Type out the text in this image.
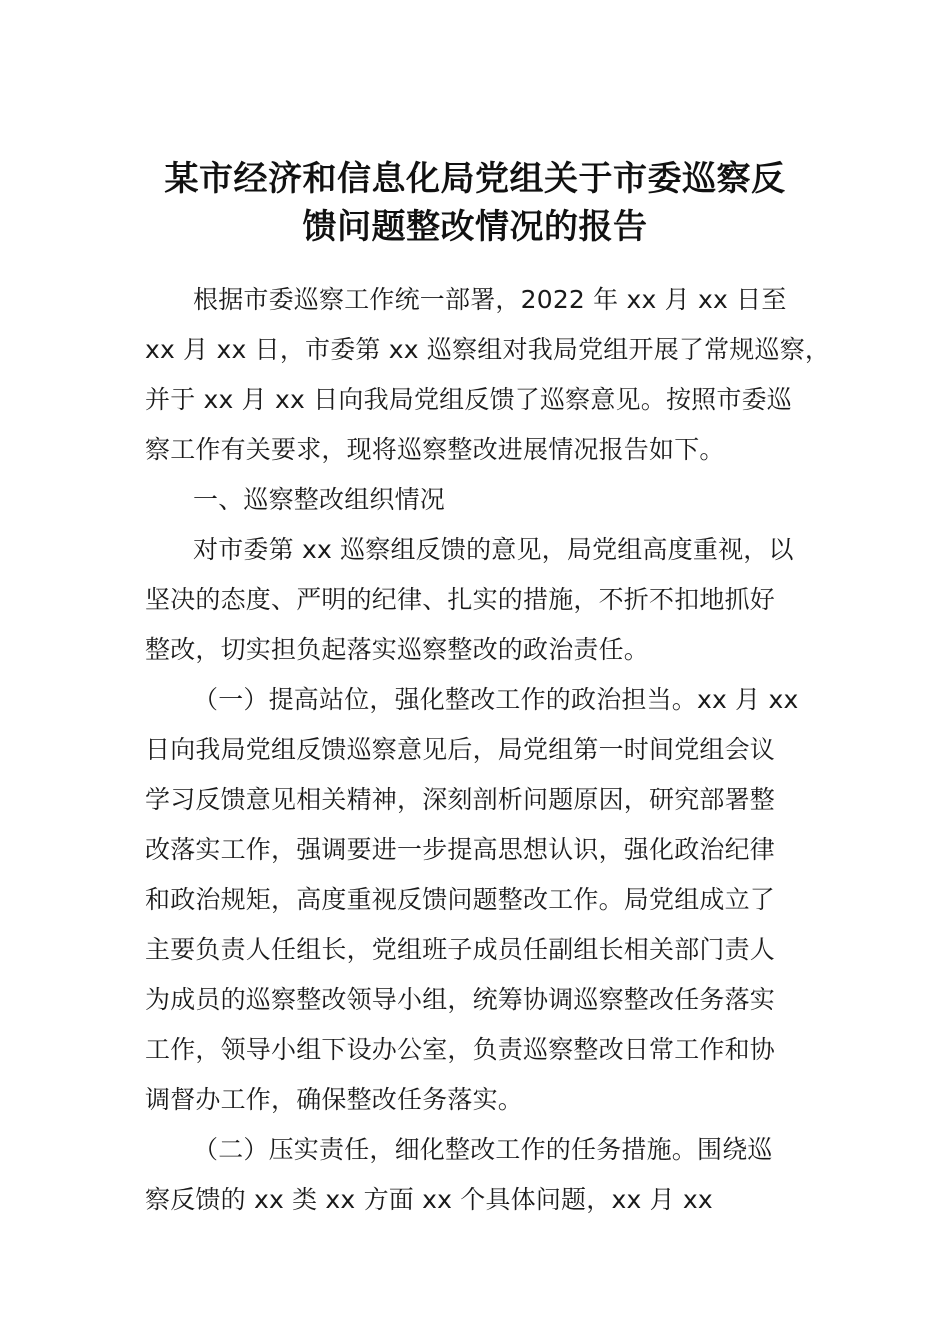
某市经济和信息化局党组关于市委巡察反
馈问题整改情况的报告
根据市委巡察工作统一部署，2022 年 xx 月 xx 日至
xx 月 xx 日，市委第 xx 巡察组对我局党组开展了常规巡察，
并于 xx 月 xx 日向我局党组反馈了巡察意见。按照市委巡
察工作有关要求，现将巡察整改进展情况报告如下。
一、巡察整改组织情况
对市委第 xx 巡察组反馈的意见，局党组高度重视，以
坚决的态度、严明的纪律、扎实的措施，不折不扣地抓好
整改，切实担负起落实巡察整改的政治责任。
（一）提高站位，强化整改工作的政治担当。xx 月 xx
日向我局党组反馈巡察意见后，局党组第一时间党组会议
学习反馈意见相关精神，深刻剖析问题原因，研究部署整
改落实工作，强调要进一步提高思想认识，强化政治纪律
和政治规矩，高度重视反馈问题整改工作。局党组成立了
主要负责人任组长，党组班子成员任副组长相关部门责人
为成员的巡察整改领导小组，统筹协调巡察整改任务落实
工作，领导小组下设办公室，负责巡察整改日常工作和协
调督办工作，确保整改任务落实。
（二）压实责任，细化整改工作的任务措施。围绕巡
察反馈的 xx 类 xx 方面 xx 个具体问题，xx 月 xx
